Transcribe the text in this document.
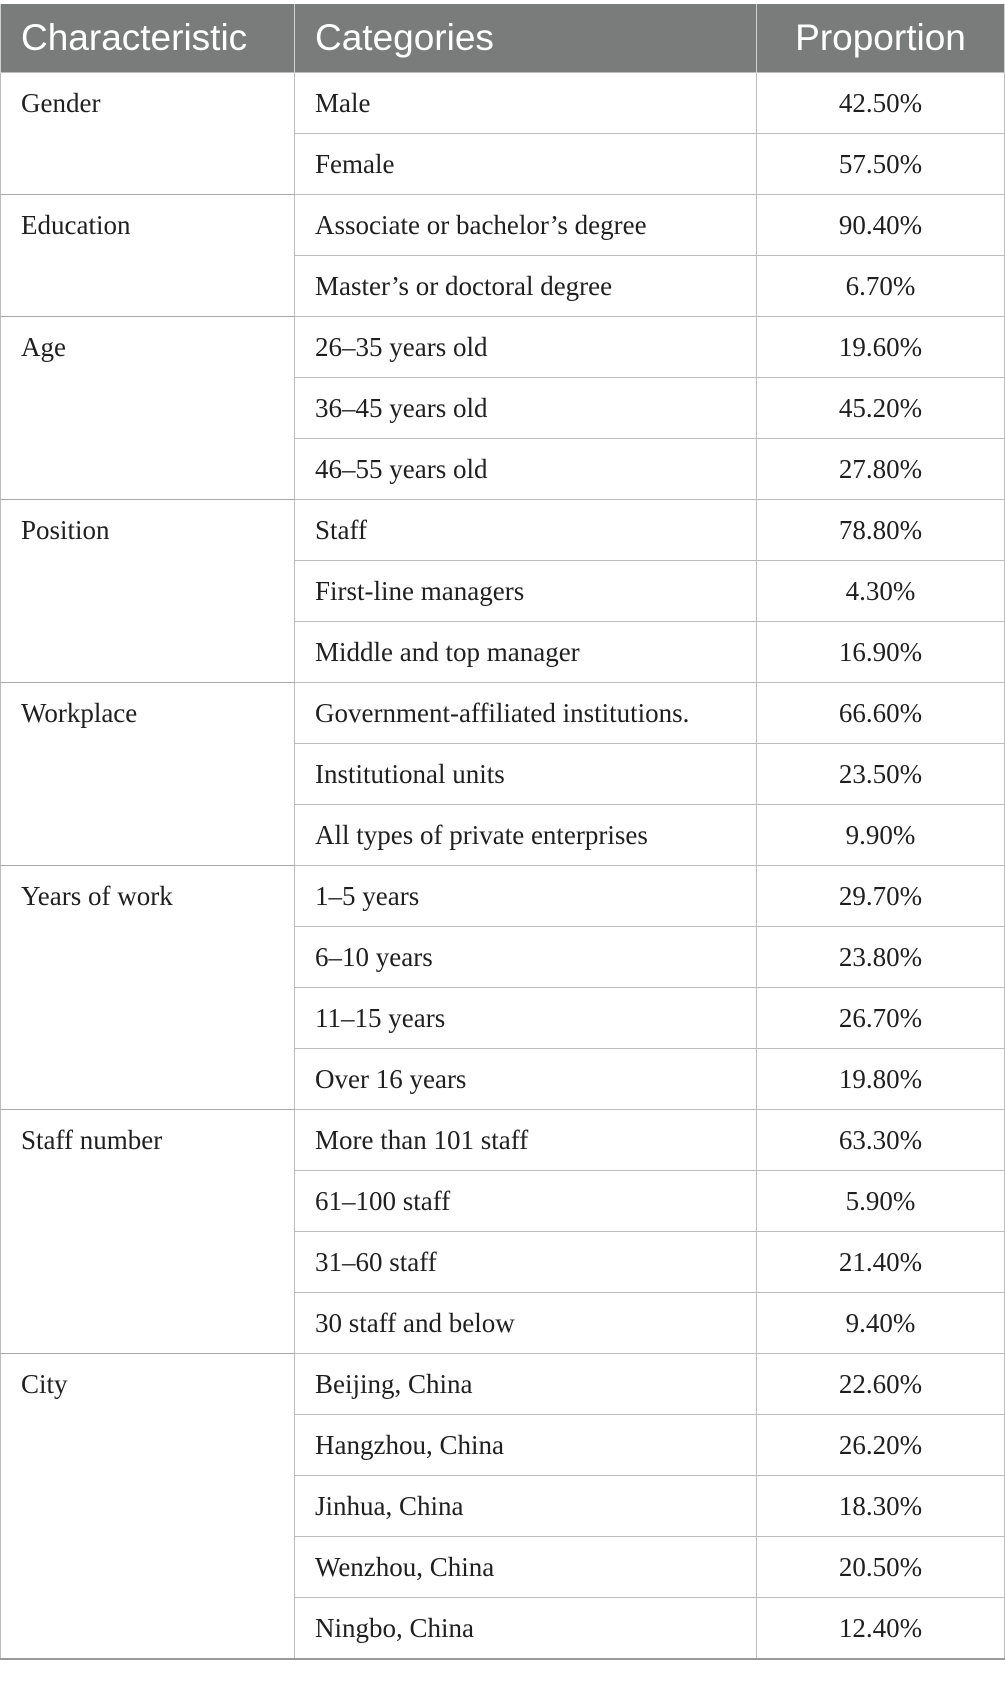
Characteristic	Categories	Proportion
Gender	Male	42.50%
	Female	57.50%
Education	Associate or bachelor’s degree	90.40%
	Master’s or doctoral degree	6.70%
Age	26–35 years old	19.60%
	36–45 years old	45.20%
	46–55 years old	27.80%
Position	Staff	78.80%
	First-line managers	4.30%
	Middle and top manager	16.90%
Workplace	Government-affiliated institutions.	66.60%
	Institutional units	23.50%
	All types of private enterprises	9.90%
Years of work	1–5 years	29.70%
	6–10 years	23.80%
	11–15 years	26.70%
	Over 16 years	19.80%
Staff number	More than 101 staff	63.30%
	61–100 staff	5.90%
	31–60 staff	21.40%
	30 staff and below	9.40%
City	Beijing, China	22.60%
	Hangzhou, China	26.20%
	Jinhua, China	18.30%
	Wenzhou, China	20.50%
	Ningbo, China	12.40%
